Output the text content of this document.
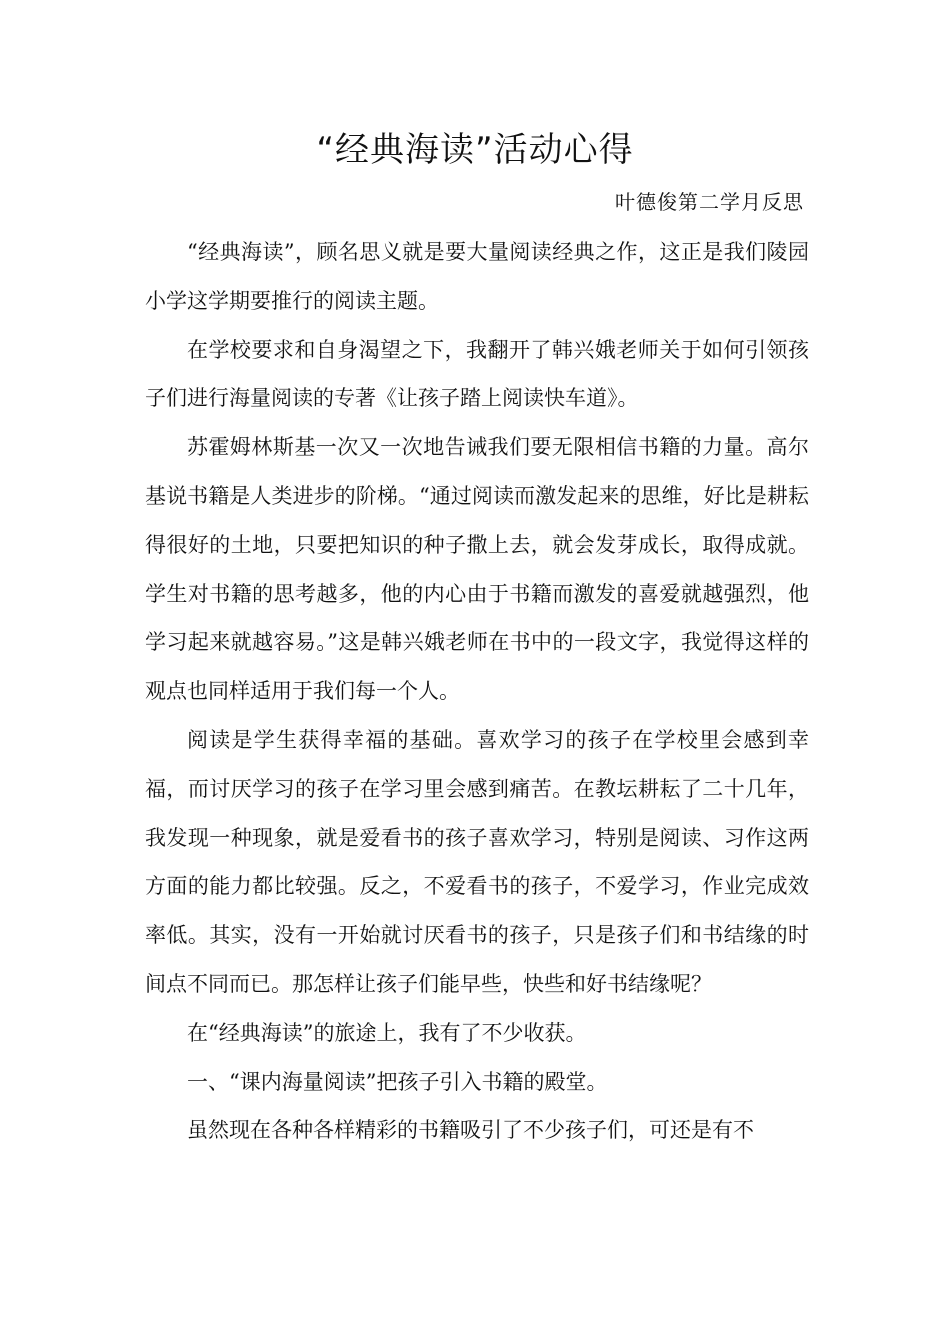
“经典海读”活动心得
叶德俊第二学月反思

“经典海读”，顾名思义就是要大量阅读经典之作，这正是我们陵园小学这学期要推行的阅读主题。

在学校要求和自身渴望之下，我翻开了韩兴娥老师关于如何引领孩子们进行海量阅读的专著《让孩子踏上阅读快车道》。

苏霍姆林斯基一次又一次地告诫我们要无限相信书籍的力量。高尔基说书籍是人类进步的阶梯。“通过阅读而激发起来的思维，好比是耕耘得很好的土地，只要把知识的种子撒上去，就会发芽成长，取得成就。学生对书籍的思考越多，他的内心由于书籍而激发的喜爱就越强烈，他学习起来就越容易。”这是韩兴娥老师在书中的一段文字，我觉得这样的观点也同样适用于我们每一个人。

阅读是学生获得幸福的基础。喜欢学习的孩子在学校里会感到幸福，而讨厌学习的孩子在学习里会感到痛苦。在教坛耕耘了二十几年，我发现一种现象，就是爱看书的孩子喜欢学习，特别是阅读、习作这两方面的能力都比较强。反之，不爱看书的孩子，不爱学习，作业完成效率低。其实，没有一开始就讨厌看书的孩子，只是孩子们和书结缘的时间点不同而已。那怎样让孩子们能早些，快些和好书结缘呢？

在“经典海读”的旅途上，我有了不少收获。

一、“课内海量阅读”把孩子引入书籍的殿堂。

虽然现在各种各样精彩的书籍吸引了不少孩子们，可还是有不
